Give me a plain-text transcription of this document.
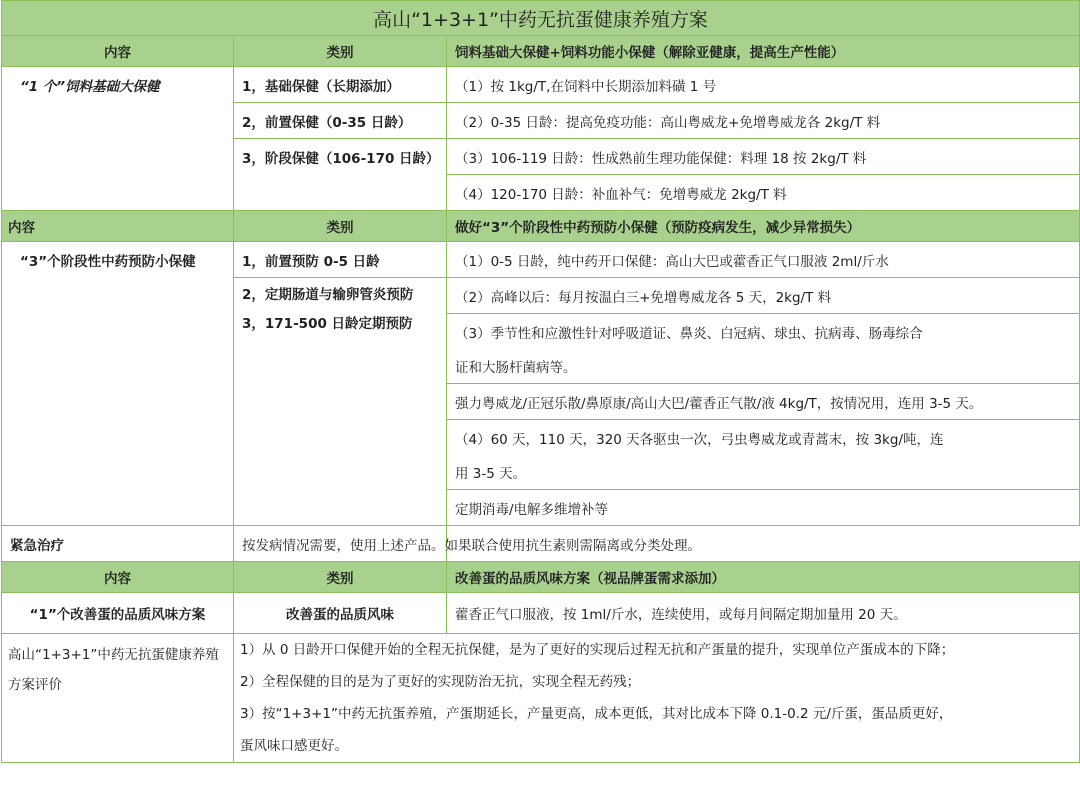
高山“1+3+1”中药无抗蛋健康养殖方案		
内容	类别	饲料基础大保健+饲料功能小保健（解除亚健康，提高生产性能）
“1 个”饲料基础大保健	1，基础保健（长期添加）	（1）按 1kg/T,在饲料中长期添加料磺 1 号
	2，前置保健（0-35 日龄）	（2）0-35 日龄：提高免疫功能：高山粤威龙+免增粤威龙各 2kg/T 料
	3，阶段保健（106-170 日龄）	（3）106-119 日龄：性成熟前生理功能保健：料理 18 按 2kg/T 料
		（4）120-170 日龄：补血补气：免增粤威龙 2kg/T 料
内容	类别	做好“3”个阶段性中药预防小保健（预防疫病发生，减少异常损失）
“3”个阶段性中药预防小保健	1，前置预防 0-5 日龄	（1）0-5 日龄，纯中药开口保健：高山大巴或藿香正气口服液 2ml/斤水

	2，定期肠道与输卵管炎预防
3，171-500 日龄定期预防	（2）高峰以后：每月按温白三+免增粤威龙各 5 天，2kg/T 料
		（3）季节性和应激性针对呼吸道证、鼻炎、白冠病、球虫、抗病毒、肠毒综合
		证和大肠杆菌病等。
		强力粤威龙/正冠乐散/鼻原康/高山大巴/藿香正气散/液 4kg/T，按情况用，连用 3-5 天。
		（4）60 天，110 天，320 天各驱虫一次，弓虫粤威龙或青蒿末，按 3kg/吨，连
		用 3-5 天。
		定期消毒/电解多维增补等
紧急治疗	按发病情况需要，使用上述产品。如果联合使用抗生素则需隔离或分类处理。	
内容	类别	改善蛋的品质风味方案（视品牌蛋需求添加）
“1”个改善蛋的品质风味方案	改善蛋的品质风味	藿香正气口服液，按 1ml/斤水，连续使用，或每月间隔定期加量用 20 天。
高山“1+3+1”中药无抗蛋健康养殖方案评价	1）从 0 日龄开口保健开始的全程无抗保健，是为了更好的实现后过程无抗和产蛋量的提升，实现单位产蛋成本的下降；
2）全程保健的目的是为了更好的实现防治无抗，实现全程无药残；
3）按“1+3+1”中药无抗蛋养殖，产蛋期延长，产量更高，成本更低，其对比成本下降 0.1-0.2 元/斤蛋，蛋品质更好，
蛋风味口感更好。	
